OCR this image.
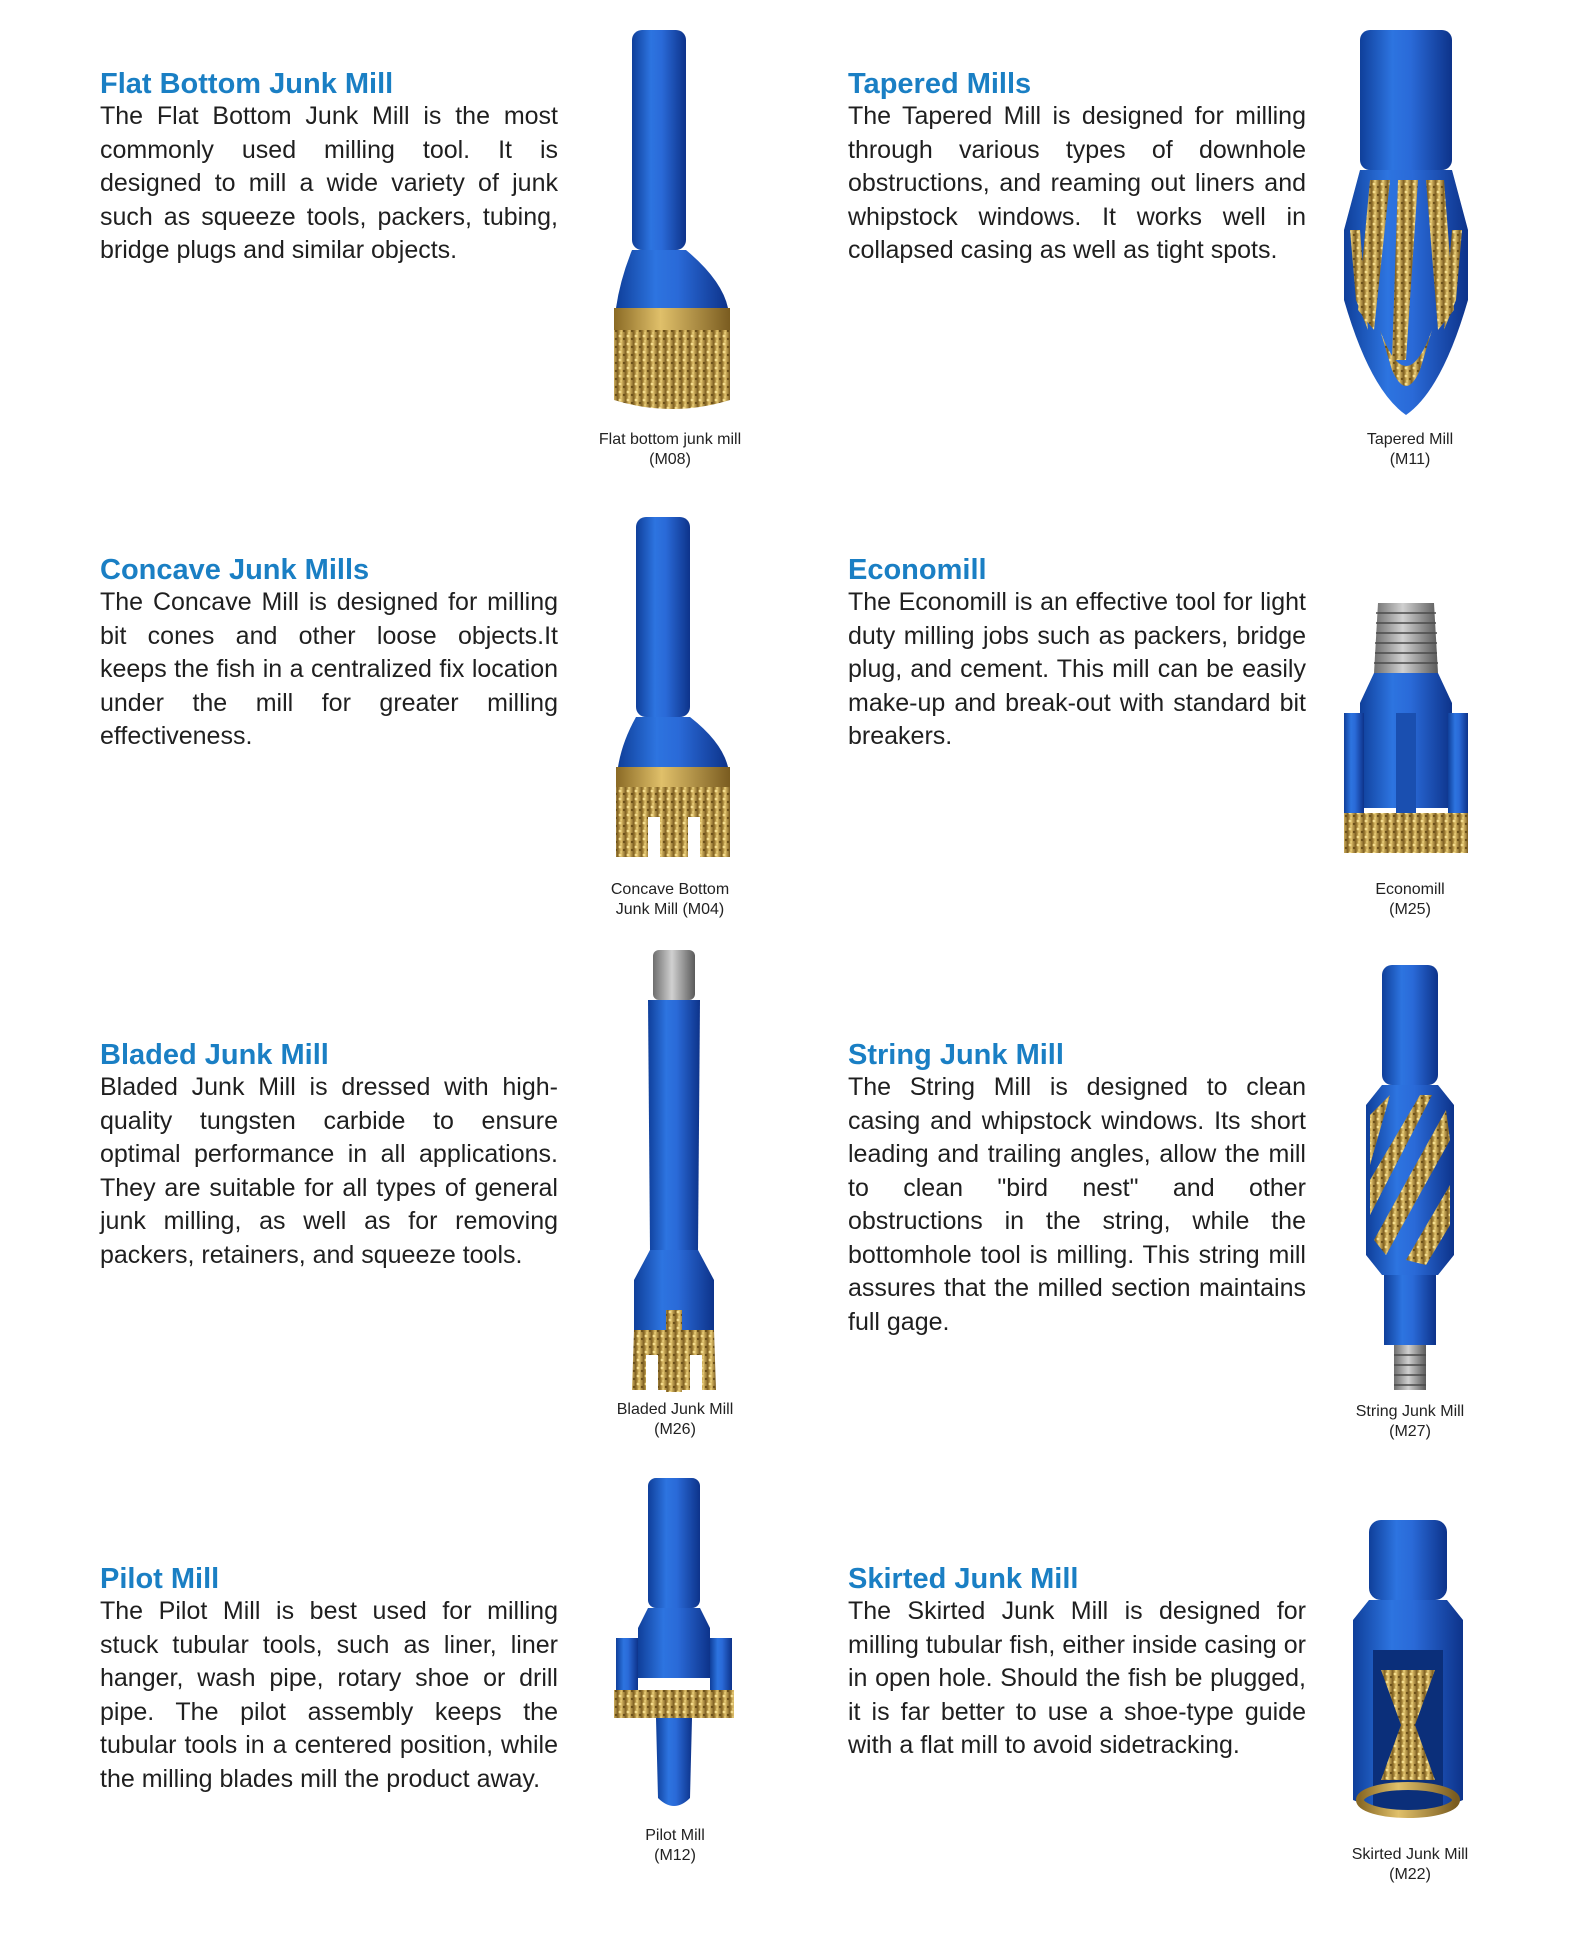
Flat Bottom Junk Mill
The Flat Bottom Junk Mill is the most commonly used milling tool. It is designed to mill a wide variety of junk such as squeeze tools, packers, tubing, bridge plugs and similar objects.
Flat bottom junk mill
(M08)
Tapered Mills
The Tapered Mill is designed for milling through various types of downhole obstructions, and reaming out liners and whipstock windows. It works well in collapsed casing as well as tight spots.
Tapered Mill
(M11)
Concave Junk Mills
The Concave Mill is designed for milling bit cones and other loose objects.It keeps the fish in a centralized fix location under the mill for greater milling effectiveness.
Concave Bottom
Junk Mill (M04)
Economill
The Economill is an effective tool for light duty milling jobs such as packers, bridge plug, and cement. This mill can be easily make-up and break-out with standard bit breakers.
Economill
(M25)
Bladed Junk Mill
Bladed Junk Mill is dressed with high-quality tungsten carbide to ensure optimal performance in all applications. They are suitable for all types of general junk milling, as well as for removing packers, retainers, and squeeze tools.
Bladed Junk Mill
(M26)
String Junk Mill
The String Mill is designed to clean casing and whipstock windows. Its short leading and trailing angles, allow the mill to clean "bird nest" and other obstructions in the string, while the bottomhole tool is milling. This string mill assures that the milled section maintains full gage.
String Junk Mill
(M27)
Pilot Mill
The Pilot Mill is best used for milling stuck tubular tools, such as liner, liner hanger, wash pipe, rotary shoe or drill pipe. The pilot assembly keeps the tubular tools in a centered position, while the milling blades mill the product away.
Pilot Mill
(M12)
Skirted Junk Mill
The Skirted Junk Mill is designed for milling tubular fish, either inside casing or in open hole. Should the fish be plugged, it is far better to use a shoe-type guide with a flat mill to avoid sidetracking.
Skirted Junk Mill
(M22)
